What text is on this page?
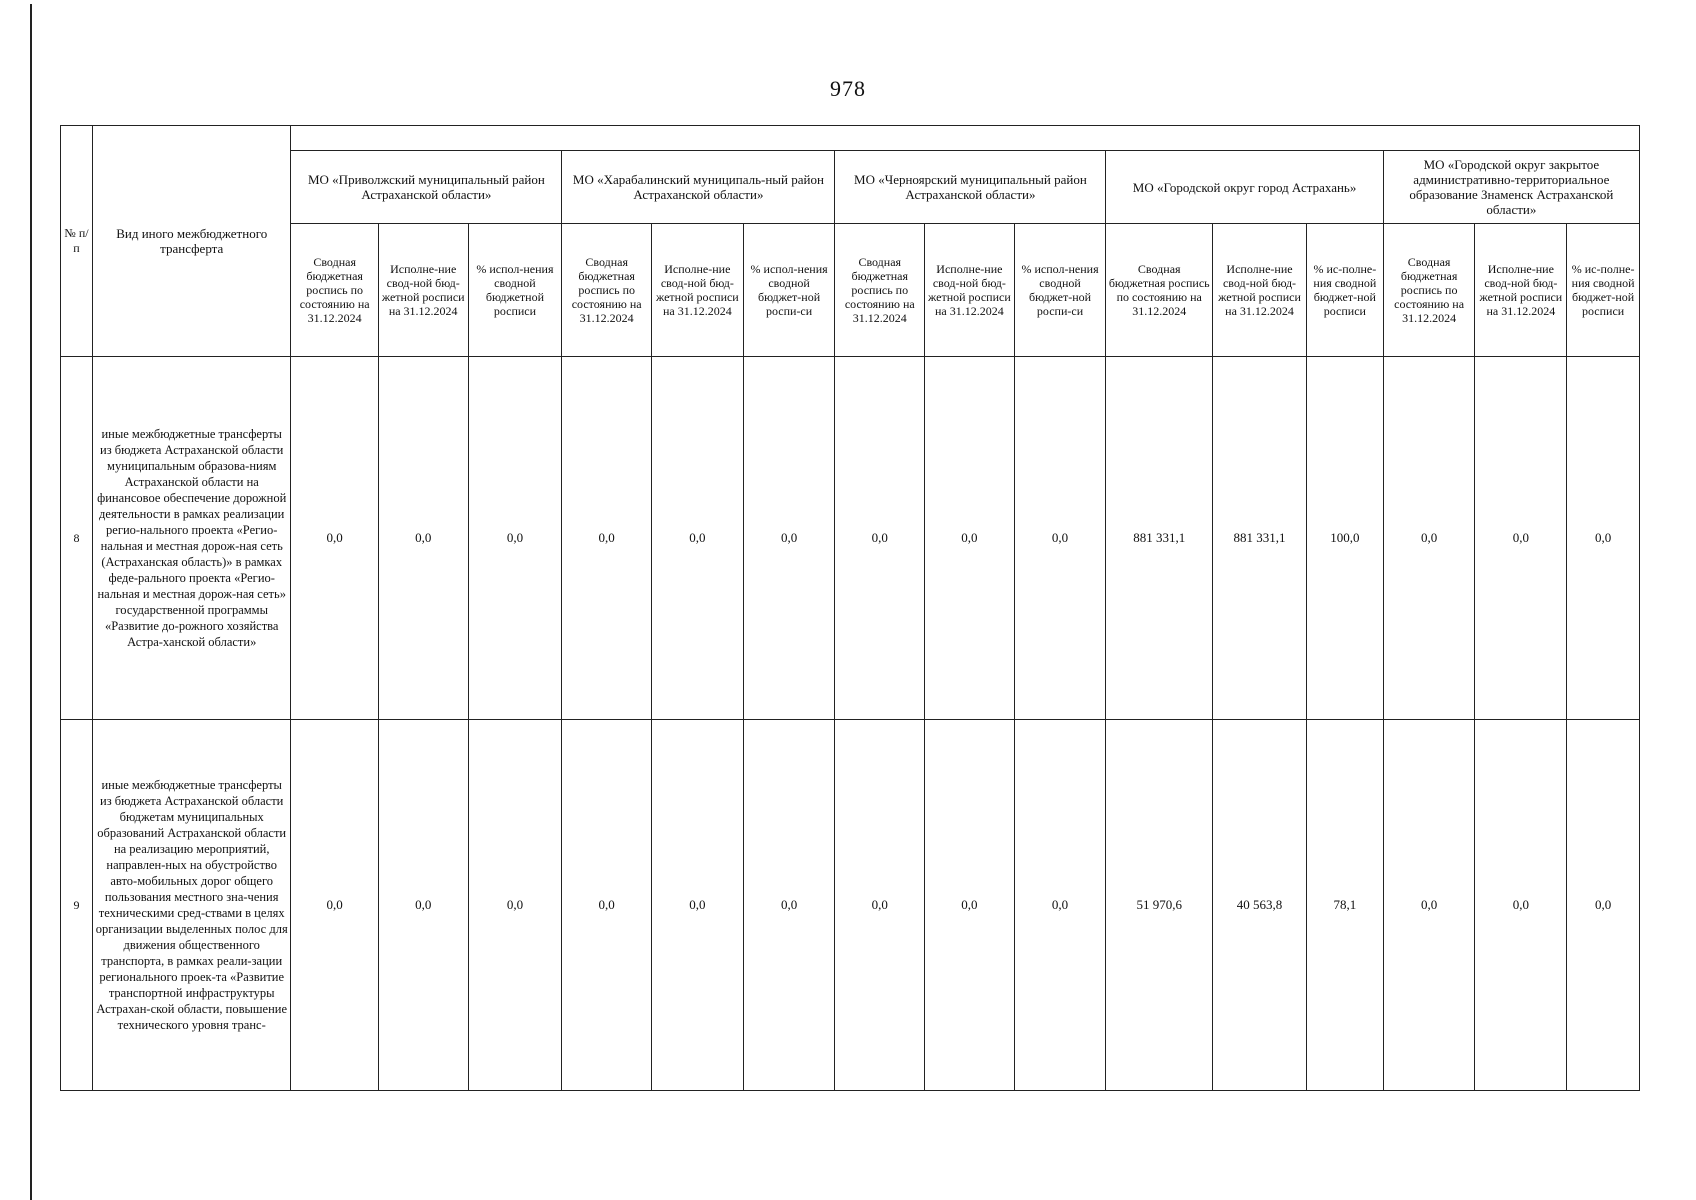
978
№ п/п	Вид иного межбюджетного трансферта															
		МО «Приволжский муниципальный район Астраханской области»			МО «Харабалинский муниципаль-ный район Астраханской области»			МО «Черноярский муниципальный район Астраханской области»			МО «Городской округ город Астрахань»			МО «Городской округ закрытое административно-территориальное образование Знаменск Астраханской области»		
		Сводная бюджетная роспись по состоянию на 31.12.2024	Исполне-ние свод-ной бюд-жетной росписи на 31.12.2024	% испол-нения сводной бюджетной росписи	Сводная бюджетная роспись по состоянию на 31.12.2024	Исполне-ние свод-ной бюд-жетной росписи на 31.12.2024	% испол-нения сводной бюджет-ной роспи-си	Сводная бюджетная роспись по состоянию на 31.12.2024	Исполне-ние свод-ной бюд-жетной росписи на 31.12.2024	% испол-нения сводной бюджет-ной роспи-си	Сводная бюджетная роспись по состоянию на 31.12.2024	Исполне-ние свод-ной бюд-жетной росписи на 31.12.2024	% ис-полне-ния сводной бюджет-ной росписи	Сводная бюджетная роспись по состоянию на 31.12.2024	Исполне-ние свод-ной бюд-жетной росписи на 31.12.2024	% ис-полне-ния сводной бюджет-ной росписи
8	иные межбюджетные трансферты из бюджета Астраханской области муниципальным образова-ниям Астраханской области на финансовое обеспечение дорожной деятельности в рамках реализации регио-нального проекта «Регио-нальная и местная дорож-ная сеть (Астраханская область)» в рамках феде-рального проекта «Регио-нальная и местная дорож-ная сеть» государственной программы «Развитие до-рожного хозяйства Астра-ханской области»	0,0	0,0	0,0	0,0	0,0	0,0	0,0	0,0	0,0	881 331,1	881 331,1	100,0	0,0	0,0	0,0
9	иные межбюджетные трансферты из бюджета Астраханской области бюджетам муниципальных образований Астраханской области на реализацию мероприятий, направлен-ных на обустройство авто-мобильных дорог общего пользования местного зна-чения техническими сред-ствами в целях организации выделенных полос для движения общественного транспорта, в рамках реали-зации регионального проек-та «Развитие транспортной инфраструктуры Астрахан-ской области, повышение технического уровня транс-	0,0	0,0	0,0	0,0	0,0	0,0	0,0	0,0	0,0	51 970,6	40 563,8	78,1	0,0	0,0	0,0
